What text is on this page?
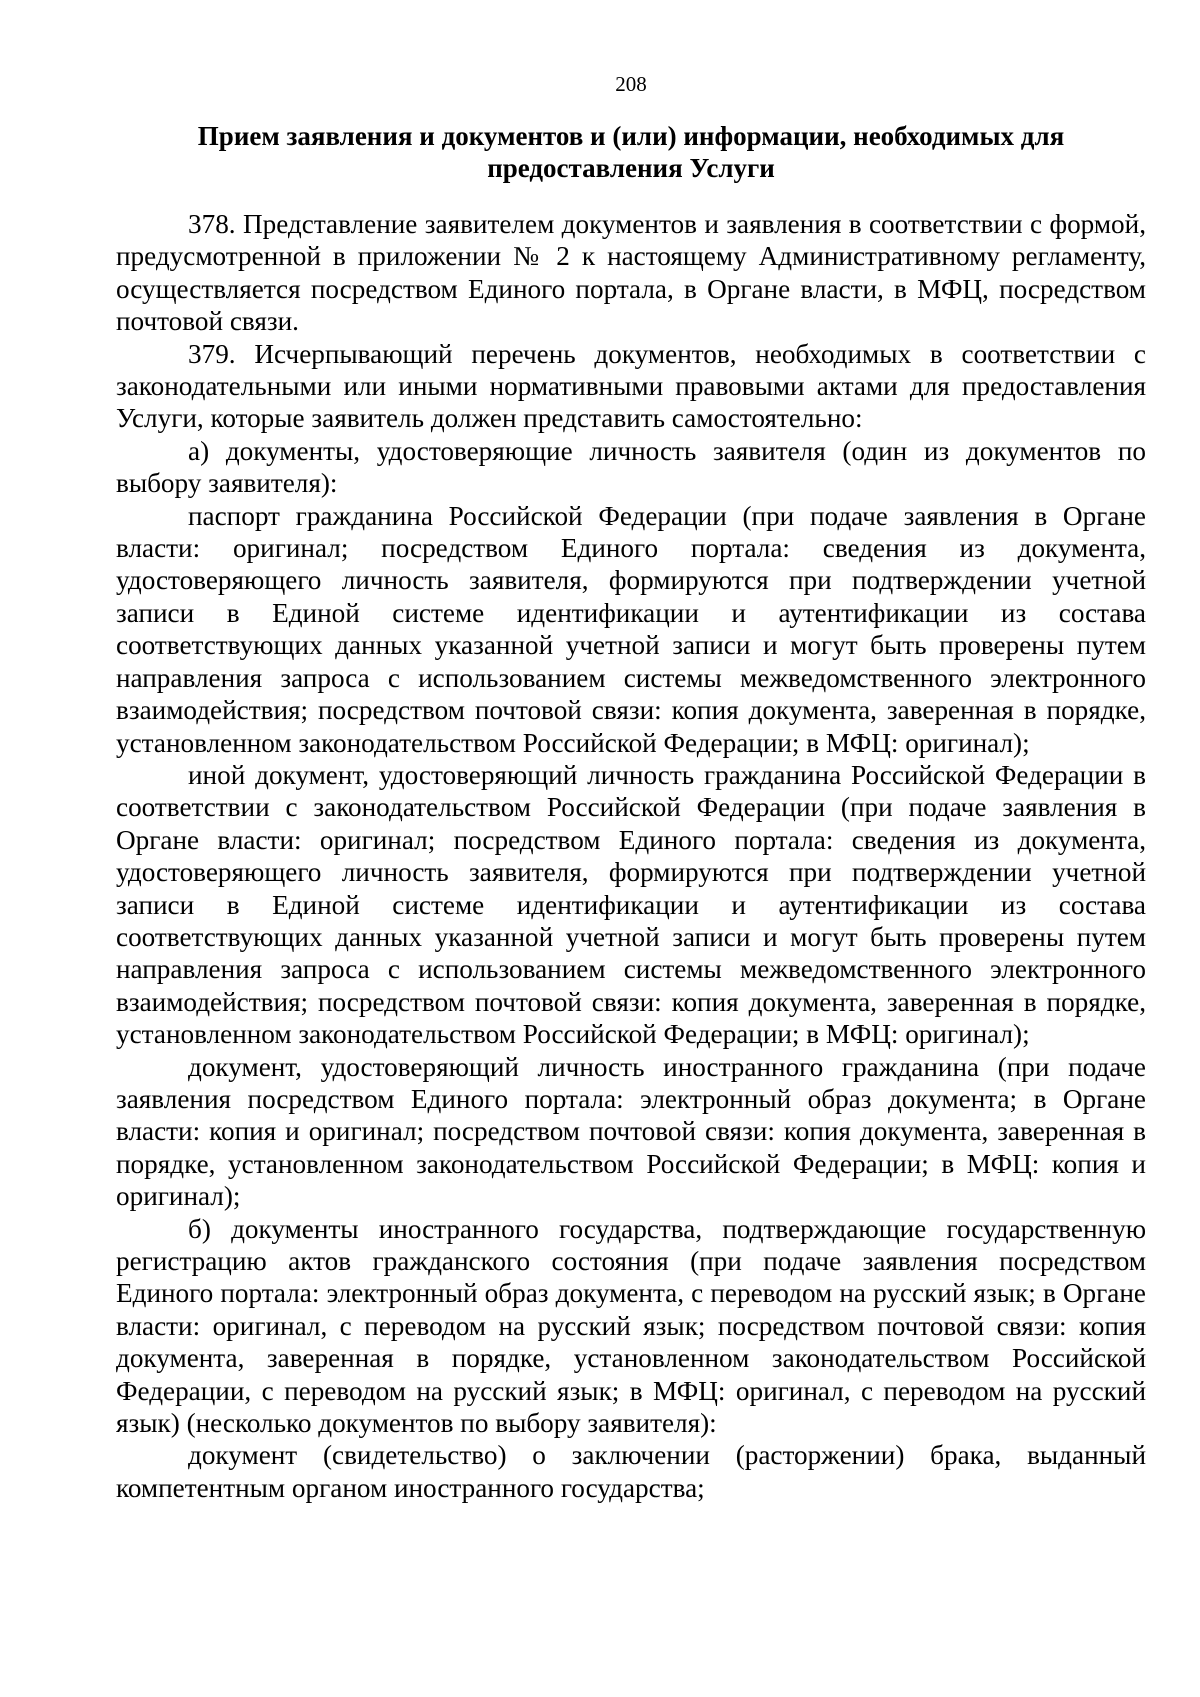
208
Прием заявления и документов и (или) информации, необходимых для
предоставления Услуги

378. Представление заявителем документов и заявления в соответствии с формой, предусмотренной в приложении № 2 к настоящему Административному регламенту, осуществляется посредством Единого портала, в Органе власти, в МФЦ, посредством почтовой связи.

379. Исчерпывающий перечень документов, необходимых в соответствии с законодательными или иными нормативными правовыми актами для предоставления Услуги, которые заявитель должен представить самостоятельно:

а) документы, удостоверяющие личность заявителя (один из документов по выбору заявителя):

паспорт гражданина Российской Федерации (при подаче заявления в Органе власти: оригинал; посредством Единого портала: сведения из документа, удостоверяющего личность заявителя, формируются при подтверждении учетной записи в Единой системе идентификации и аутентификации из состава соответствующих данных указанной учетной записи и могут быть проверены путем направления запроса с использованием системы межведомственного электронного взаимодействия; посредством почтовой связи: копия документа, заверенная в порядке, установленном законодательством Российской Федерации; в МФЦ: оригинал);

иной документ, удостоверяющий личность гражданина Российской Федерации в соответствии с законодательством Российской Федерации (при подаче заявления в Органе власти: оригинал; посредством Единого портала: сведения из документа, удостоверяющего личность заявителя, формируются при подтверждении учетной записи в Единой системе идентификации и аутентификации из состава соответствующих данных указанной учетной записи и могут быть проверены путем направления запроса с использованием системы межведомственного электронного взаимодействия; посредством почтовой связи: копия документа, заверенная в порядке, установленном законодательством Российской Федерации; в МФЦ: оригинал);

документ, удостоверяющий личность иностранного гражданина (при подаче заявления посредством Единого портала: электронный образ документа; в Органе власти: копия и оригинал; посредством почтовой связи: копия документа, заверенная в порядке, установленном законодательством Российской Федерации; в МФЦ: копия и оригинал);

б) документы иностранного государства, подтверждающие государственную регистрацию актов гражданского состояния (при подаче заявления посредством Единого портала: электронный образ документа, с переводом на русский язык; в Органе власти: оригинал, с переводом на русский язык; посредством почтовой связи: копия документа, заверенная в порядке, установленном законодательством Российской Федерации, с переводом на русский язык; в МФЦ: оригинал, с переводом на русский язык) (несколько документов по выбору заявителя):

документ (свидетельство) о заключении (расторжении) брака, выданный компетентным органом иностранного государства;
